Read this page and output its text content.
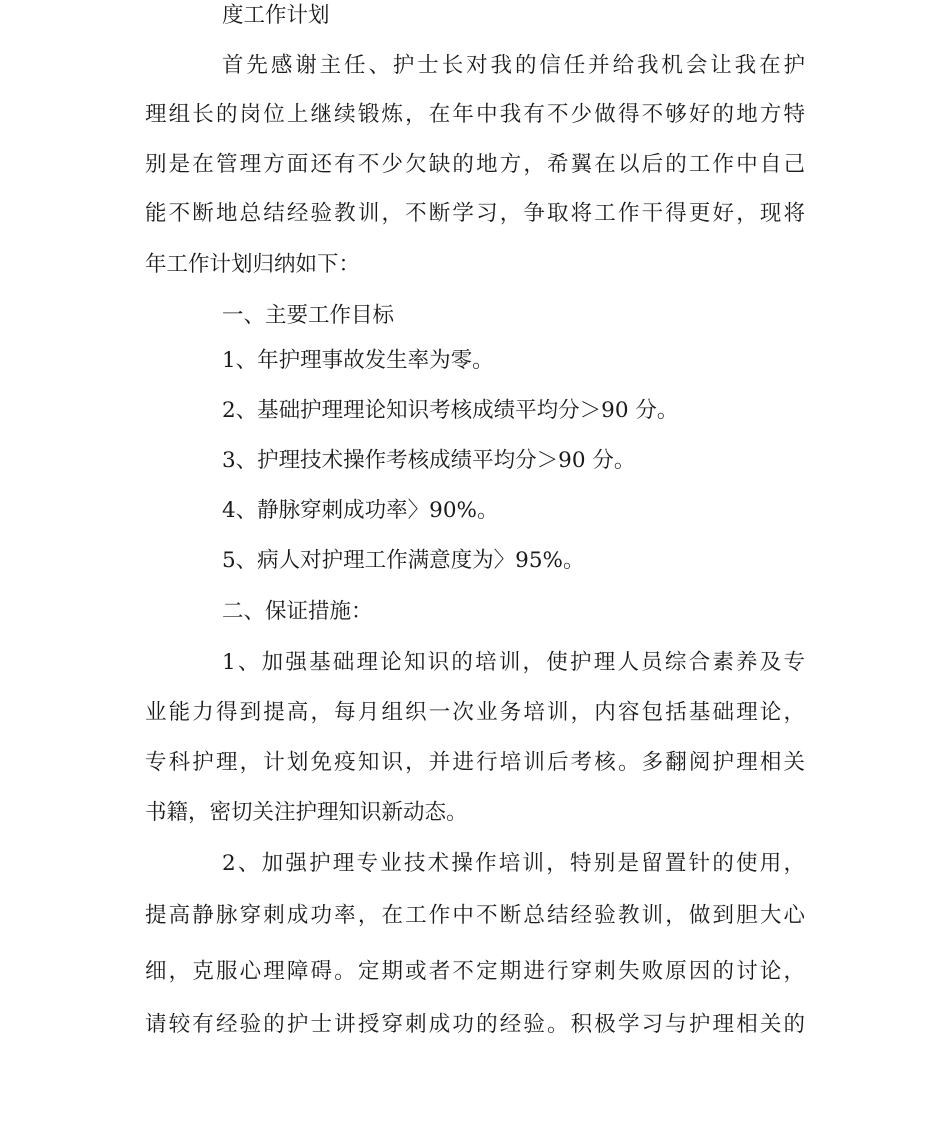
度工作计划
首先感谢主任、护士长对我的信任并给我机会让我在护
理组长的岗位上继续锻炼，在年中我有不少做得不够好的地方特
别是在管理方面还有不少欠缺的地方，希翼在以后的工作中自己
能不断地总结经验教训，不断学习，争取将工作干得更好，现将
年工作计划归纳如下：
一、主要工作目标
1、年护理事故发生率为零。
2、基础护理理论知识考核成绩平均分＞90 分。
3、护理技术操作考核成绩平均分＞90 分。
4、静脉穿刺成功率〉90%。
5、病人对护理工作满意度为〉95%。
二、保证措施：
1、加强基础理论知识的培训，使护理人员综合素养及专
业能力得到提高，每月组织一次业务培训，内容包括基础理论，
专科护理，计划免疫知识，并进行培训后考核。多翻阅护理相关
书籍，密切关注护理知识新动态。
2、加强护理专业技术操作培训，特别是留置针的使用，
提高静脉穿刺成功率，在工作中不断总结经验教训，做到胆大心
细，克服心理障碍。定期或者不定期进行穿刺失败原因的讨论，
请较有经验的护士讲授穿刺成功的经验。积极学习与护理相关的
